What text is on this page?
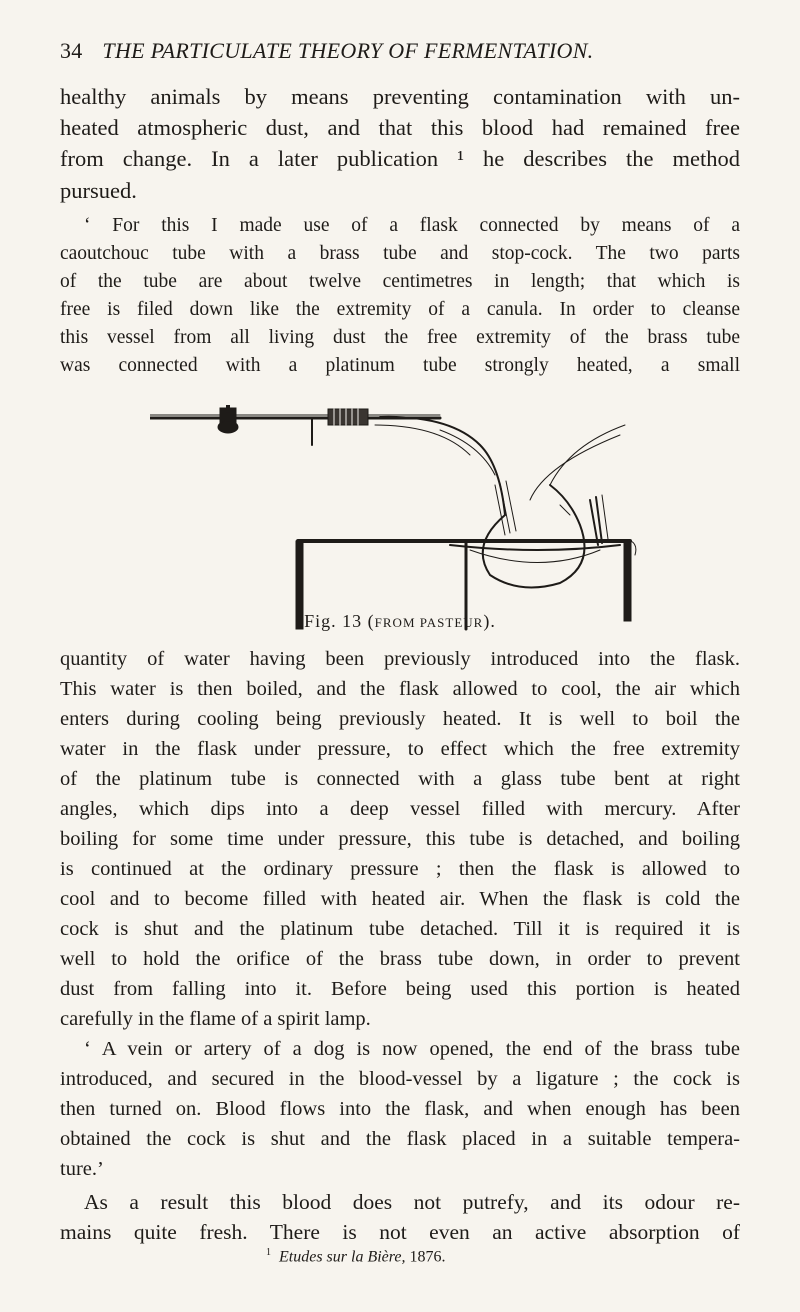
34 THE PARTICULATE THEORY OF FERMENTATION.
healthy animals by means preventing contamination with un-
heated atmospheric dust, and that this blood had remained free
from change. In a later publication ¹ he describes the method
pursued.
‘ For this I made use of a flask connected by means of a
caoutchouc tube with a brass tube and stop-cock. The two parts
of the tube are about twelve centimetres in length; that which is
free is filed down like the extremity of a canula. In order to cleanse
this vessel from all living dust the free extremity of the brass tube
was connected with a platinum tube strongly heated, a small
Fig. 13 (FROM PASTEUR).
quantity of water having been previously introduced into the flask.
This water is then boiled, and the flask allowed to cool, the air which
enters during cooling being previously heated. It is well to boil the
water in the flask under pressure, to effect which the free extremity
of the platinum tube is connected with a glass tube bent at right
angles, which dips into a deep vessel filled with mercury. After
boiling for some time under pressure, this tube is detached, and boiling
is continued at the ordinary pressure ; then the flask is allowed to
cool and to become filled with heated air. When the flask is cold the
cock is shut and the platinum tube detached. Till it is required it is
well to hold the orifice of the brass tube down, in order to prevent
dust from falling into it. Before being used this portion is heated
carefully in the flame of a spirit lamp.
‘ A vein or artery of a dog is now opened, the end of the brass tube
introduced, and secured in the blood-vessel by a ligature ; the cock is
then turned on. Blood flows into the flask, and when enough has been
obtained the cock is shut and the flask placed in a suitable tempera-
ture.’
As a result this blood does not putrefy, and its odour re-
mains quite fresh. There is not even an active absorption of
$^1$ Etudes sur la Bière, 1876.
